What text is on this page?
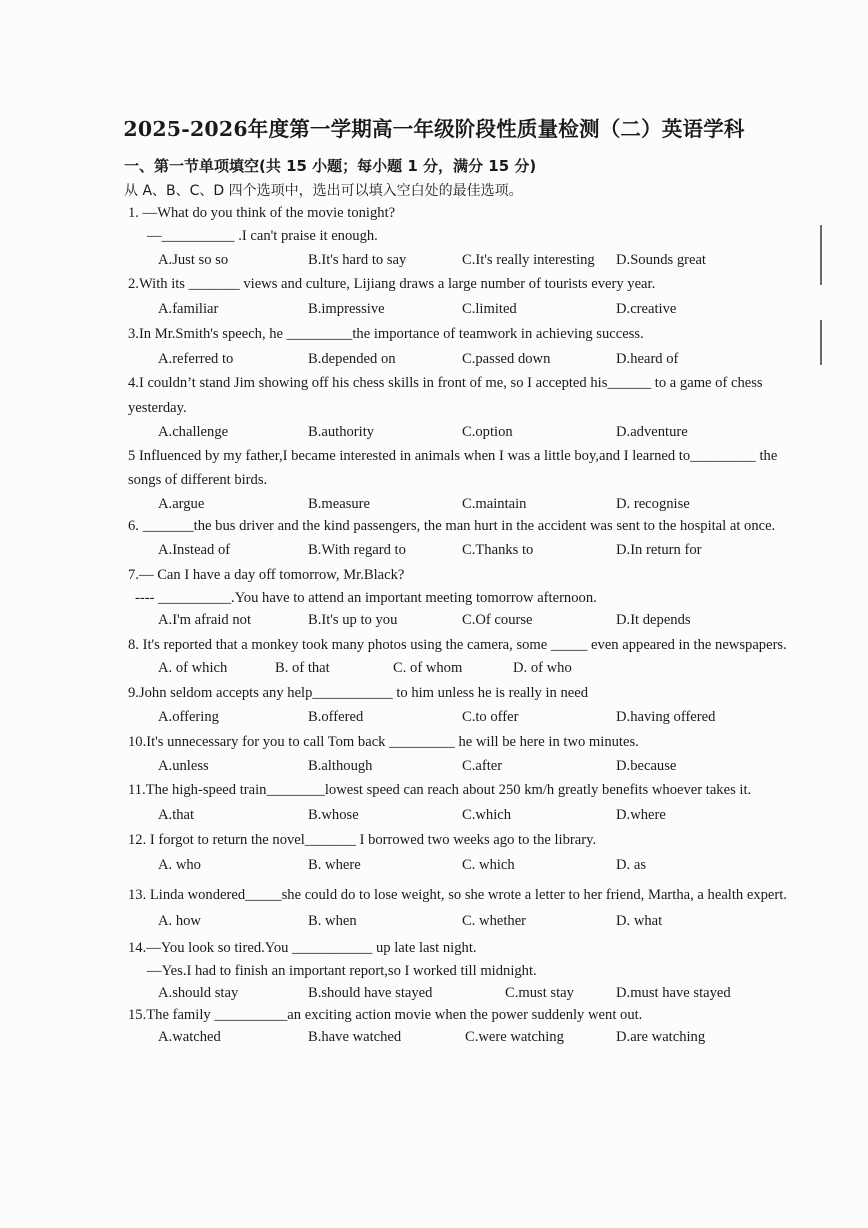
2025-2026年度第一学期高一年级阶段性质量检测（二）英语学科
一、第一节单项填空(共 15 小题；每小题 1 分，满分 15 分)
从 A、B、C、D 四个选项中，选出可以填入空白处的最佳选项。
1. —What do you think of the movie tonight?
—__________ .I can't praise it enough.
A.Just so so	B.It's hard to say	C.It's really interesting D.Sounds great
2.With its _______ views and culture, Lijiang draws a large number of tourists every year.
A.familiar	B.impressive	C.limited	D.creative
3.In Mr.Smith's speech, he _________the importance of teamwork in achieving success.
A.referred to	B.depended on	C.passed down	D.heard of
4.I couldn’t stand Jim showing off his chess skills in front of me, so I accepted his______ to a game of chess
yesterday.
A.challenge	B.authority	C.option	D.adventure
5 Influenced by my father,I became interested in animals when I was a little boy,and I learned to_________ the
songs of different birds.
A.argue	B.measure	C.maintain	D. recognise
6. _______the bus driver and the kind passengers, the man hurt in the accident was sent to the hospital at once.
A.Instead of	B.With regard to	C.Thanks to	D.In return for
7.— Can I have a day off tomorrow, Mr.Black?
---- __________.You have to attend an important meeting tomorrow afternoon.
A.I'm afraid not	B.It's up to you	C.Of course	D.It depends
8. It's reported that a monkey took many photos using the camera, some _____ even appeared in the newspapers.
A. of which	B. of that	C. of whom	D. of who
9.John seldom accepts any help___________ to him unless he is really in need
A.offering	B.offered	C.to offer	D.having offered
10.It's unnecessary for you to call Tom back _________ he will be here in two minutes.
A.unless	B.although	C.after	D.because
11.The high-speed train________lowest speed can reach about 250 km/h greatly benefits whoever takes it.
A.that	B.whose	C.which	D.where
12. I forgot to return the novel_______ I borrowed two weeks ago to the library.
A. who	B. where	C. which	D. as
13. Linda wondered_____she could do to lose weight, so she wrote a letter to her friend, Martha, a health expert.
A. how	B. when	C. whether	D. what
14.—You look so tired.You ___________ up late last night.
—Yes.I had to finish an important report,so I worked till midnight.
A.should stay	B.should have stayed	C.must stay	D.must have stayed
15.The family __________an exciting action movie when the power suddenly went out.
A.watched	B.have watched	C.were watching	D.are watching
